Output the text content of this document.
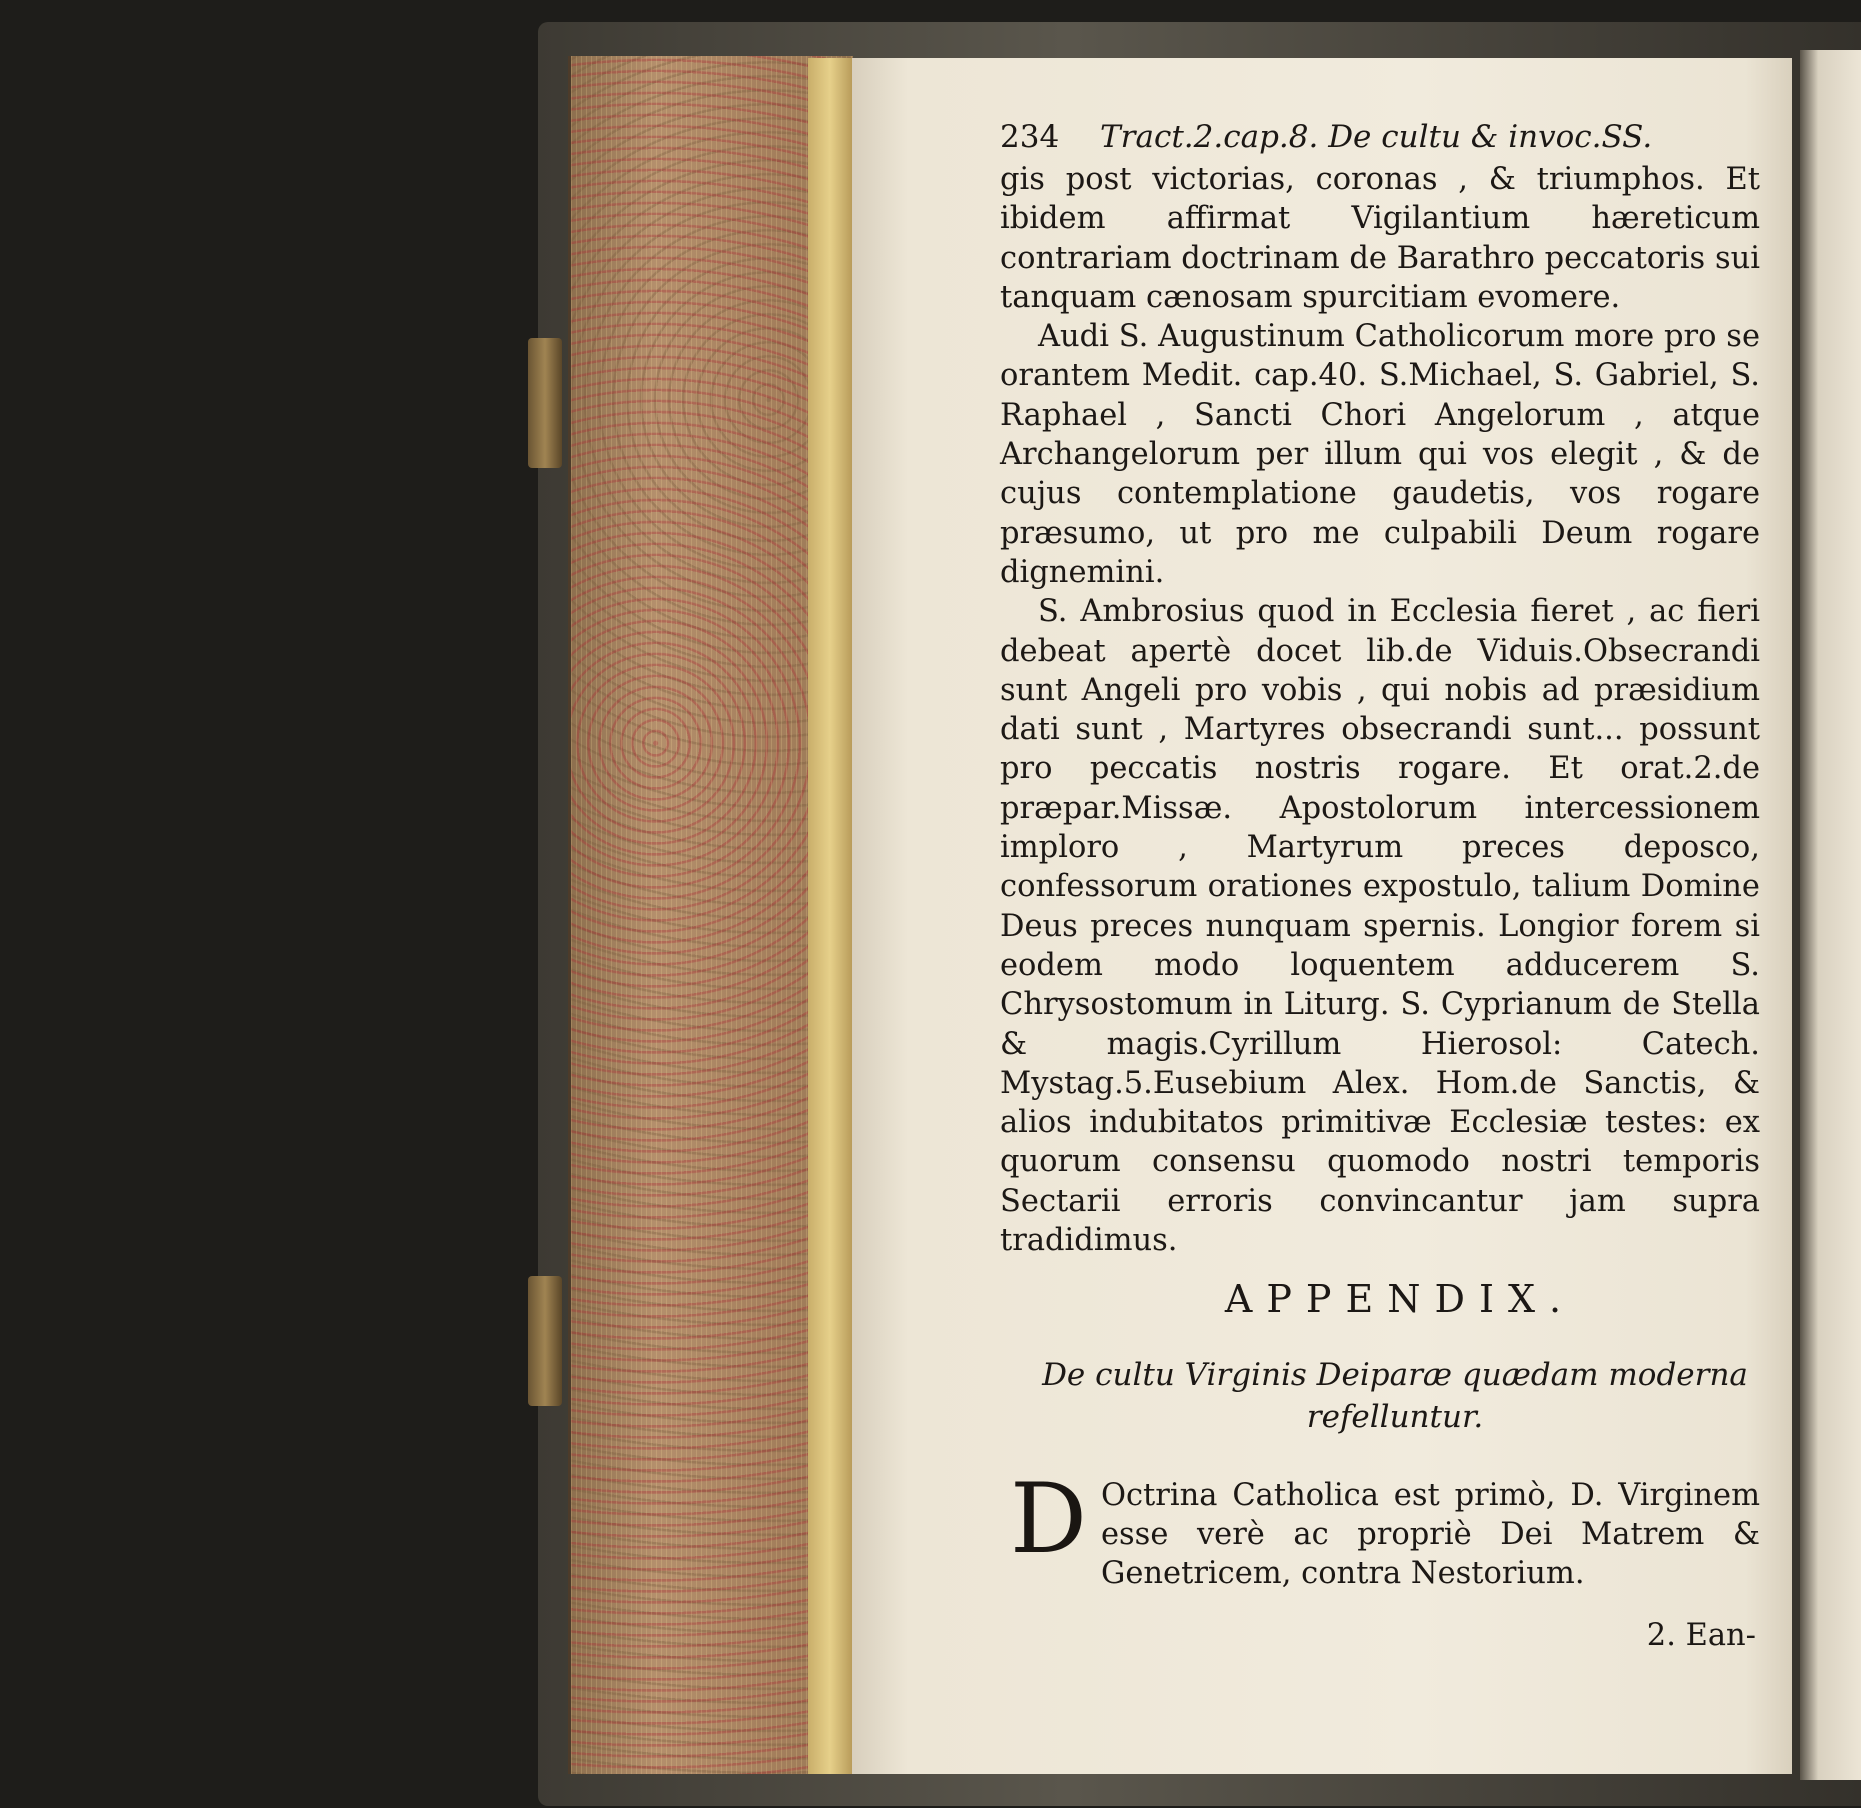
234 Tract.2.cap.8. De cultu & invoc.SS.
gis post victorias, coronas , & triumphos. Et ibidem affirmat Vigilantium hæreticum contrariam doctrinam de Barathro peccatoris sui tanquam cænosam spurcitiam evomere.
Audi S. Augustinum Catholicorum more pro se orantem Medit. cap.40. S.Michael, S. Gabriel, S. Raphael , Sancti Chori Angelorum , atque Archangelorum per illum qui vos elegit , & de cujus contemplatione gaudetis, vos rogare præsumo, ut pro me culpabili Deum rogare dignemini.
S. Ambrosius quod in Ecclesia fieret , ac fieri debeat apertè docet lib.de Viduis.Obsecrandi sunt Angeli pro vobis , qui nobis ad præsidium dati sunt , Martyres obsecrandi sunt... possunt pro peccatis nostris rogare. Et orat.2.de præpar.Missæ. Apostolorum intercessionem imploro , Martyrum preces deposco, confessorum orationes expostulo, talium Domine Deus preces nunquam spernis. Longior forem si eodem modo loquentem adducerem S. Chrysostomum in Liturg. S. Cyprianum de Stella & magis.Cyrillum Hierosol: Catech. Mystag.5.Eusebium Alex. Hom.de Sanctis, & alios indubitatos primitivæ Ecclesiæ testes: ex quorum consensu quomodo nostri temporis Sectarii erroris convincantur jam supra tradidimus.
APPENDIX.
De cultu Virginis Deiparæ quædam moderna refelluntur.
D Octrina Catholica est primò, D. Virginem esse verè ac propriè Dei Matrem & Genetricem, contra Nestorium.
2. Ean-
